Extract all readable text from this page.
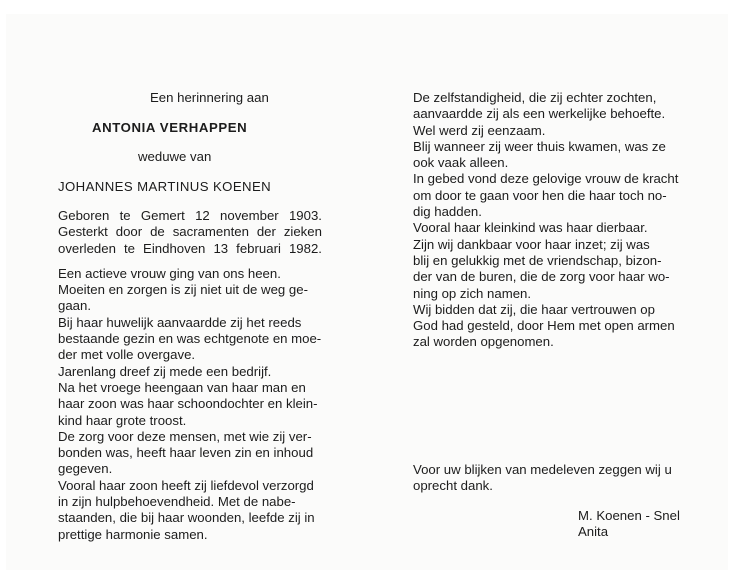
Een herinnering aan
ANTONIA VERHAPPEN
weduwe van
JOHANNES MARTINUS KOENEN
Geboren te Gemert 12 november 1903.
Gesterkt door de sacramenten der zieken
overleden te Eindhoven 13 februari 1982.
Een actieve vrouw ging van ons heen.
Moeiten en zorgen is zij niet uit de weg ge-
gaan.
Bij haar huwelijk aanvaardde zij het reeds
bestaande gezin en was echtgenote en moe-
der met volle overgave.
Jarenlang dreef zij mede een bedrijf.
Na het vroege heengaan van haar man en
haar zoon was haar schoondochter en klein-
kind haar grote troost.
De zorg voor deze mensen, met wie zij ver-
bonden was, heeft haar leven zin en inhoud
gegeven.
Vooral haar zoon heeft zij liefdevol verzorgd
in zijn hulpbehoevendheid. Met de nabe-
staanden, die bij haar woonden, leefde zij in
prettige harmonie samen.
De zelfstandigheid, die zij echter zochten,
aanvaardde zij als een werkelijke behoefte.
Wel werd zij eenzaam.
Blij wanneer zij weer thuis kwamen, was ze
ook vaak alleen.
In gebed vond deze gelovige vrouw de kracht
om door te gaan voor hen die haar toch no-
dig hadden.
Vooral haar kleinkind was haar dierbaar.
Zijn wij dankbaar voor haar inzet; zij was
blij en gelukkig met de vriendschap, bizon-
der van de buren, die de zorg voor haar wo-
ning op zich namen.
Wij bidden dat zij, die haar vertrouwen op
God had gesteld, door Hem met open armen
zal worden opgenomen.
Voor uw blijken van medeleven zeggen wij u
oprecht dank.
M. Koenen - Snel
Anita
